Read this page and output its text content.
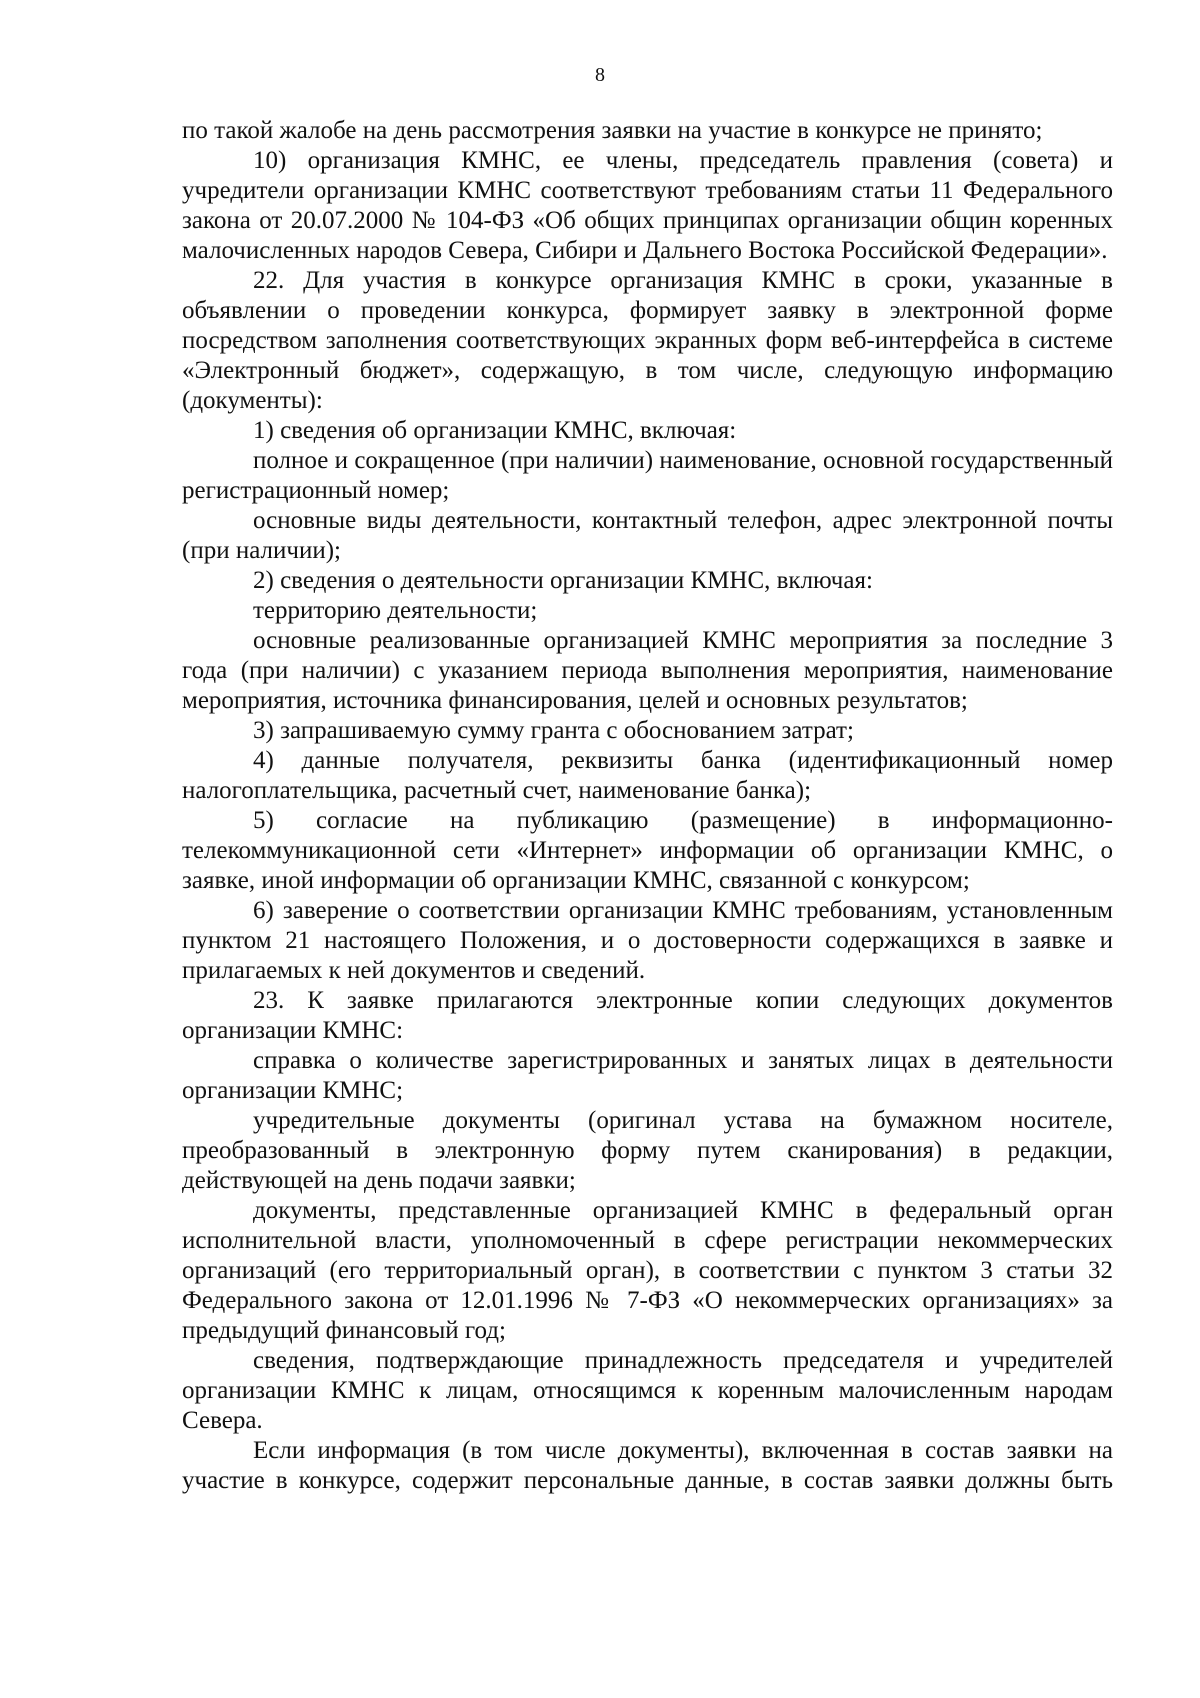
8

по такой жалобе на день рассмотрения заявки на участие в конкурсе не принято;

10) организация КМНС, ее члены, председатель правления (совета) и учредители организации КМНС соответствуют требованиям статьи 11 Федерального закона от 20.07.2000 № 104-ФЗ «Об общих принципах организации общин коренных малочисленных народов Севера, Сибири и Дальнего Востока Российской Федерации».

22. Для участия в конкурсе организация КМНС в сроки, указанные в объявлении о проведении конкурса, формирует заявку в электронной форме посредством заполнения соответствующих экранных форм веб-интерфейса в системе «Электронный бюджет», содержащую, в том числе, следующую информацию (документы):

1) сведения об организации КМНС, включая:

полное и сокращенное (при наличии) наименование, основной государственный регистрационный номер;

основные виды деятельности, контактный телефон, адрес электронной почты (при наличии);

2) сведения о деятельности организации КМНС, включая:

территорию деятельности;

основные реализованные организацией КМНС мероприятия за последние 3 года (при наличии) с указанием периода выполнения мероприятия, наименование мероприятия, источника финансирования, целей и основных результатов;

3) запрашиваемую сумму гранта с обоснованием затрат;

4) данные получателя, реквизиты банка (идентификационный номер налогоплательщика, расчетный счет, наименование банка);

5) согласие на публикацию (размещение) в информационно-телекоммуникационной сети «Интернет» информации об организации КМНС, о заявке, иной информации об организации КМНС, связанной с конкурсом;

6) заверение о соответствии организации КМНС требованиям, установленным пунктом 21 настоящего Положения, и о достоверности содержащихся в заявке и прилагаемых к ней документов и сведений.

23. К заявке прилагаются электронные копии следующих документов организации КМНС:

справка о количестве зарегистрированных и занятых лицах в деятельности организации КМНС;

учредительные документы (оригинал устава на бумажном носителе, преобразованный в электронную форму путем сканирования) в редакции, действующей на день подачи заявки;

документы, представленные организацией КМНС в федеральный орган исполнительной власти, уполномоченный в сфере регистрации некоммерческих организаций (его территориальный орган), в соответствии с пунктом 3 статьи 32 Федерального закона от 12.01.1996 № 7-ФЗ «О некоммерческих организациях» за предыдущий финансовый год;

сведения, подтверждающие принадлежность председателя и учредителей организации КМНС к лицам, относящимся к коренным малочисленным народам Севера.

Если информация (в том числе документы), включенная в состав заявки на участие в конкурсе, содержит персональные данные, в состав заявки должны быть
